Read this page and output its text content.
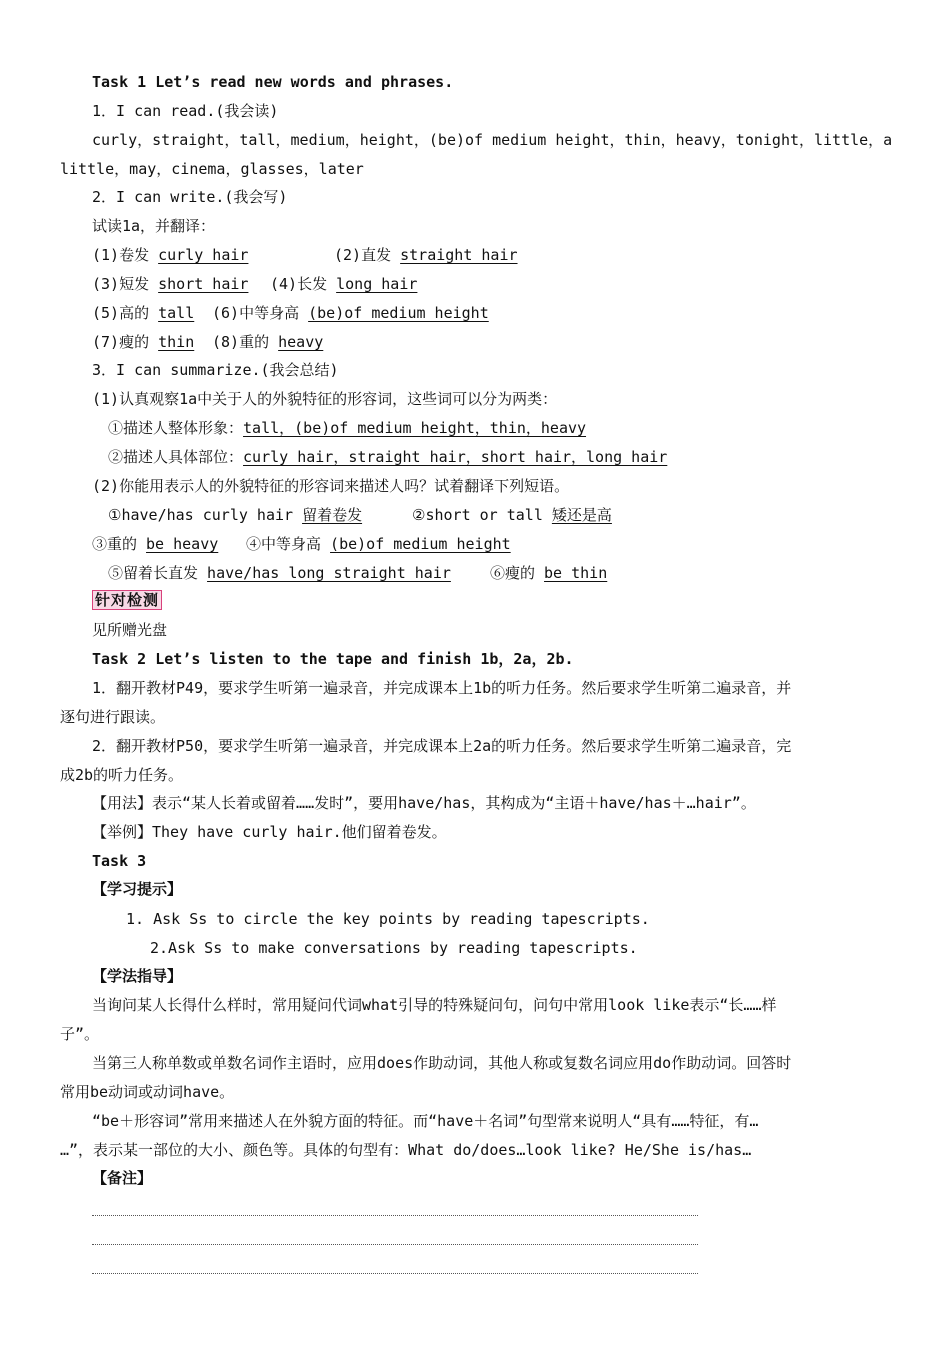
Task 1 Let’s read new words and phrases.
1．I can read.(我会读)
curly，straight，tall，medium，height，(be)of medium height，thin，heavy，tonight，little，a
little，may，cinema，glasses，later
2．I can write.(我会写)
试读1a，并翻译：
(1)卷发 curly hair	(2)直发 straight hair
(3)短发 short hair (4)长发 long hair
(5)高的 tall (6)中等身高 (be)of medium height
(7)瘦的 thin (8)重的 heavy
3．I can summarize.(我会总结)
(1)认真观察1a中关于人的外貌特征的形容词，这些词可以分为两类：
①描述人整体形象：tall，(be)of medium height，thin，heavy
②描述人具体部位：curly hair，straight hair，short hair，long hair
(2)你能用表示人的外貌特征的形容词来描述人吗？试着翻译下列短语。
①have/has curly hair 留着卷发	②short or tall 矮还是高
③重的 be heavy ④中等身高 (be)of medium height
⑤留着长直发 have/has long straight hair	⑥瘦的 be thin
针对检测
见所赠光盘
Task 2 Let’s listen to the tape and finish 1b，2a，2b.
1．翻开教材P49，要求学生听第一遍录音，并完成课本上1b的听力任务。然后要求学生听第二遍录音，并
逐句进行跟读。
2．翻开教材P50，要求学生听第一遍录音，并完成课本上2a的听力任务。然后要求学生听第二遍录音，完
成2b的听力任务。
【用法】表示“某人长着或留着……发时”，要用have/has，其构成为“主语＋have/has＋…hair”。
【举例】They have curly hair.他们留着卷发。
Task 3
【学习提示】
1. Ask Ss to circle the key points by reading tapescripts.
2.Ask Ss to make conversations by reading tapescripts.
【学法指导】
当询问某人长得什么样时，常用疑问代词what引导的特殊疑问句，问句中常用look like表示“长……样
子”。
当第三人称单数或单数名词作主语时，应用does作助动词，其他人称或复数名词应用do作助动词。回答时
常用be动词或动词have。
“be＋形容词”常用来描述人在外貌方面的特征。而“have＋名词”句型常来说明人“具有……特征，有…
…”，表示某一部位的大小、颜色等。具体的句型有：What do/does…look like? He/She is/has…
【备注】
